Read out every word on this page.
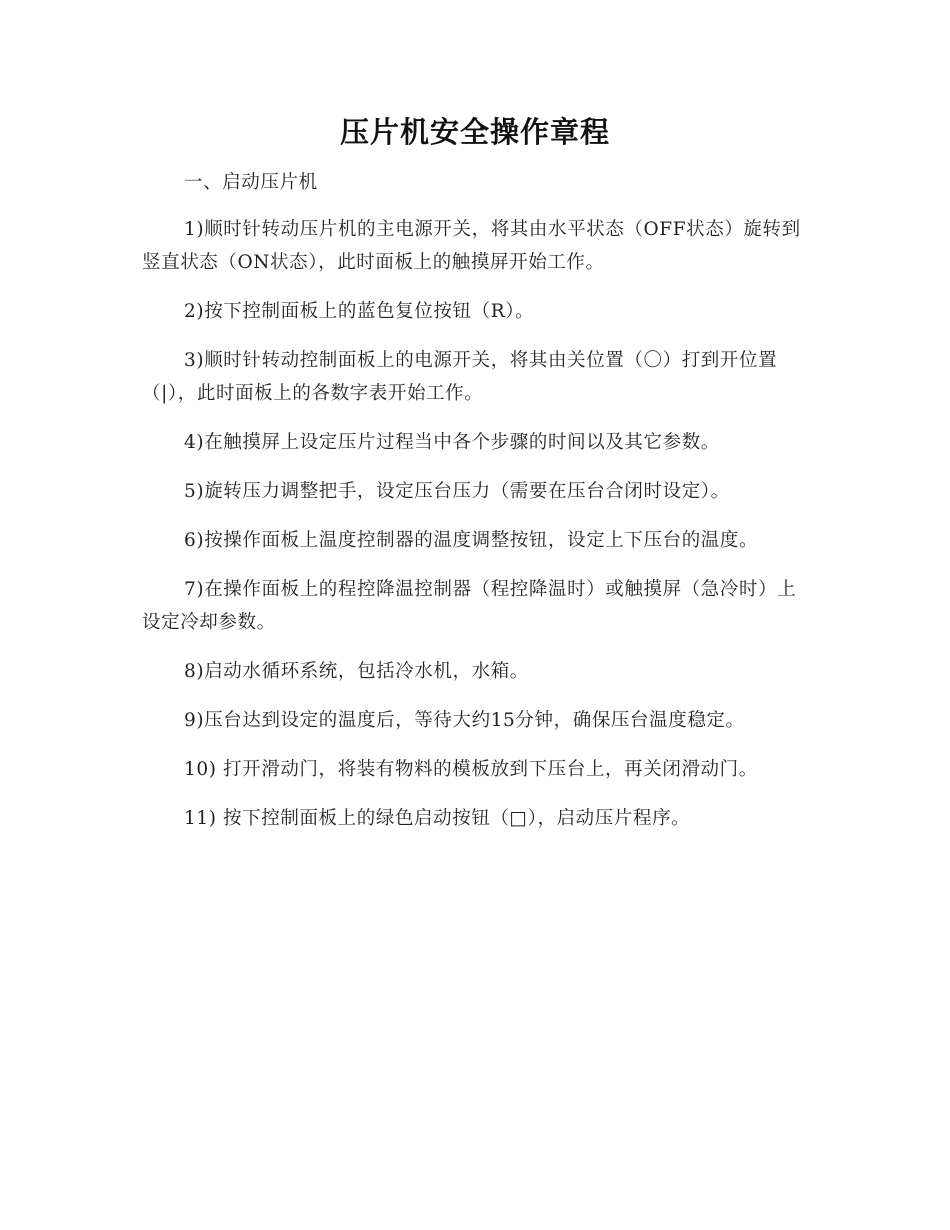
压片机安全操作章程

一、启动压片机

1)顺时针转动压片机的主电源开关，将其由水平状态（OFF状态）旋转到竖直状态（ON状态），此时面板上的触摸屏开始工作。

2)按下控制面板上的蓝色复位按钮（R）。

3)顺时针转动控制面板上的电源开关，将其由关位置（〇）打到开位置（|），此时面板上的各数字表开始工作。

4)在触摸屏上设定压片过程当中各个步骤的时间以及其它参数。

5)旋转压力调整把手，设定压台压力（需要在压台合闭时设定）。

6)按操作面板上温度控制器的温度调整按钮，设定上下压台的温度。

7)在操作面板上的程控降温控制器（程控降温时）或触摸屏（急冷时）上设定冷却参数。

8)启动水循环系统，包括冷水机，水箱。

9)压台达到设定的温度后，等待大约15分钟，确保压台温度稳定。

10) 打开滑动门，将装有物料的模板放到下压台上，再关闭滑动门。

11) 按下控制面板上的绿色启动按钮（□），启动压片程序。
